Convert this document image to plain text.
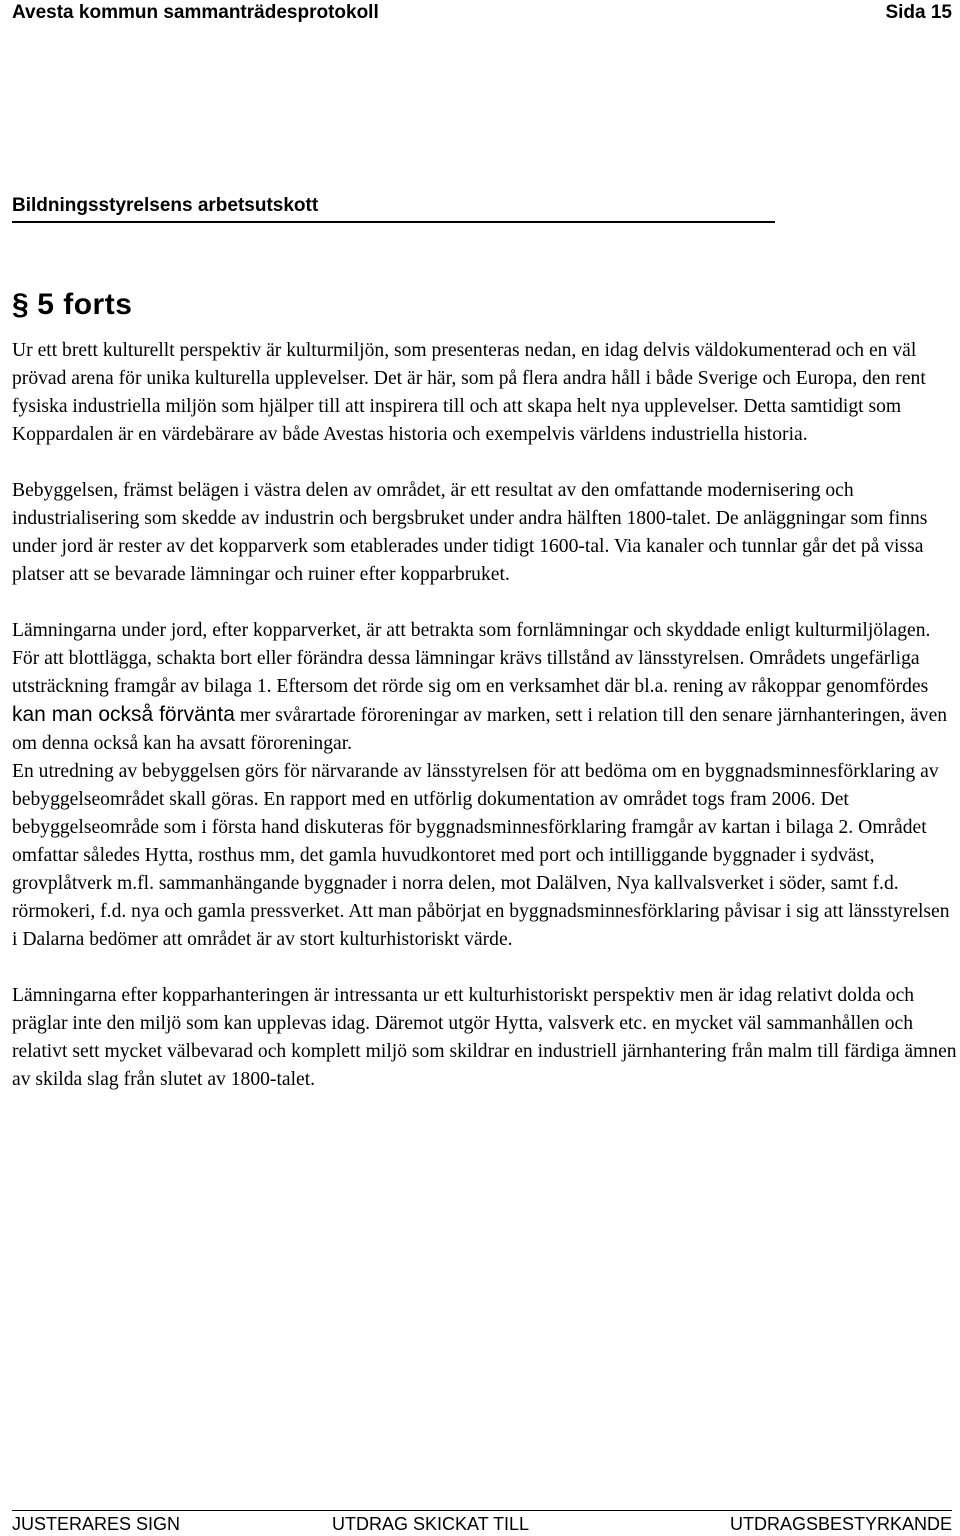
Avesta kommun sammanträdesprotokoll	Sida 15
Bildningsstyrelsens arbetsutskott
§ 5 forts

Ur ett brett kulturellt perspektiv är kulturmiljön, som presenteras nedan, en idag delvis väldokumenterad och en väl prövad arena för unika kulturella upplevelser. Det är här, som på flera andra håll i både Sverige och Europa, den rent fysiska industriella miljön som hjälper till att inspirera till och att skapa helt nya upplevelser. Detta samtidigt som Koppardalen är en värdebärare av både Avestas historia och exempelvis världens industriella historia.

Bebyggelsen, främst belägen i västra delen av området, är ett resultat av den omfattande modernisering och industrialisering som skedde av industrin och bergsbruket under andra hälften 1800-talet. De anläggningar som finns under jord är rester av det kopparverk som etablerades under tidigt 1600-tal. Via kanaler och tunnlar går det på vissa platser att se bevarade lämningar och ruiner efter kopparbruket.

Lämningarna under jord, efter kopparverket, är att betrakta som fornlämningar och skyddade enligt kulturmiljölagen. För att blottlägga, schakta bort eller förändra dessa lämningar krävs tillstånd av länsstyrelsen. Områdets ungefärliga utsträckning framgår av bilaga 1. Eftersom det rörde sig om en verksamhet där bl.a. rening av råkoppar genomfördes kan man också förvänta mer svårartade föroreningar av marken, sett i relation till den senare järnhanteringen, även om denna också kan ha avsatt föroreningar.

En utredning av bebyggelsen görs för närvarande av länsstyrelsen för att bedöma om en byggnadsminnesförklaring av bebyggelseområdet skall göras. En rapport med en utförlig dokumentation av området togs fram 2006. Det bebyggelseområde som i första hand diskuteras för byggnadsminnesförklaring framgår av kartan i bilaga 2. Området omfattar således Hytta, rosthus mm, det gamla huvudkontoret med port och intilliggande byggnader i sydväst, grovplåtverk m.fl. sammanhängande byggnader i norra delen, mot Dalälven, Nya kallvalsverket i söder, samt f.d. rörmokeri, f.d. nya och gamla pressverket. Att man påbörjat en byggnadsminnesförklaring påvisar i sig att länsstyrelsen i Dalarna bedömer att området är av stort kulturhistoriskt värde.

Lämningarna efter kopparhanteringen är intressanta ur ett kulturhistoriskt perspektiv men är idag relativt dolda och präglar inte den miljö som kan upplevas idag. Däremot utgör Hytta, valsverk etc. en mycket väl sammanhållen och relativt sett mycket välbevarad och komplett miljö som skildrar en industriell järnhantering från malm till färdiga ämnen av skilda slag från slutet av 1800-talet.

JUSTERARES SIGN	UTDRAG SKICKAT TILL	UTDRAGSBESTYRKANDE
